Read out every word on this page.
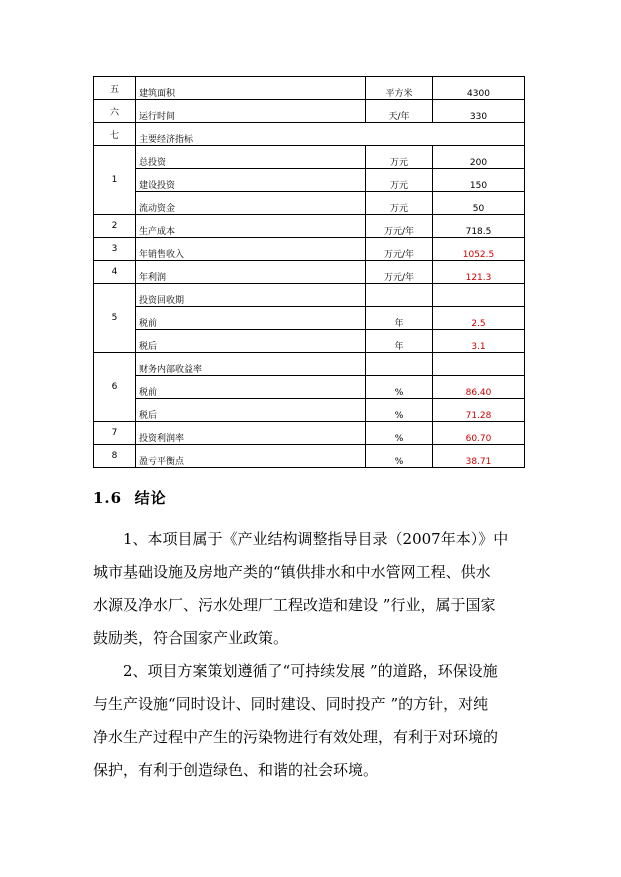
五	建筑面积	平方米	4300
六	运行时间	天/年	330
七	主要经济指标		
1	总投资	万元	200
	建设投资	万元	150
	流动资金	万元	50
2	生产成本	万元/年	718.5
3	年销售收入	万元/年	1052.5
4	年利润	万元/年	121.3
5	投资回收期		
	税前	年	2.5
	税后	年	3.1
6	财务内部收益率		
	税前	%	86.40
	税后	%	71.28
7	投资利润率	%	60.70
8	盈亏平衡点	%	38.71
1.6 结论
1、本项目属于《产业结构调整指导目录（2007年本）》中
城市基础设施及房地产类的“镇供排水和中水管网工程、供水
水源及净水厂、污水处理厂工程改造和建设 ”行业，属于国家
鼓励类，符合国家产业政策。
2、项目方案策划遵循了“可持续发展 ”的道路，环保设施
与生产设施“同时设计、同时建设、同时投产 ”的方针，对纯
净水生产过程中产生的污染物进行有效处理，有利于对环境的
保护，有利于创造绿色、和谐的社会环境。
